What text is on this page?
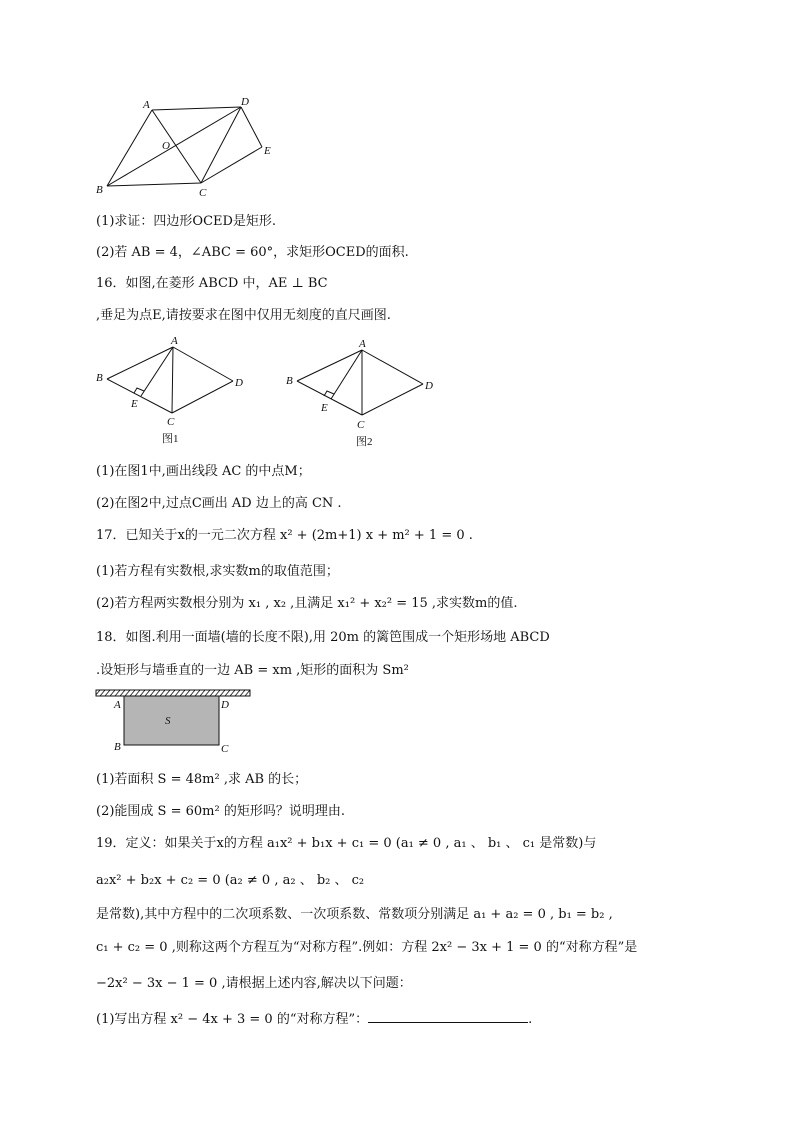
A	D
O	E
B	C
(1)求证：四边形OCED是矩形.
(2)若 AB = 4，∠ABC = 60°，求矩形OCED的面积.
16．如图,在菱形 ABCD 中，AE ⊥ BC
,垂足为点E,请按要求在图中仅用无刻度的直尺画图.
A
B
E
C
D
图1
A
B
E
C
D
图2
(1)在图1中,画出线段 AC 的中点M；
(2)在图2中,过点C画出 AD 边上的高 CN .
17．已知关于x的一元二次方程 x² + (2m+1) x + m² + 1 = 0 .
(1)若方程有实数根,求实数m的取值范围；
(2)若方程两实数根分别为 x₁ , x₂ ,且满足 x₁² + x₂² = 15 ,求实数m的值.
18．如图.利用一面墙(墙的长度不限),用 20m 的篱笆围成一个矩形场地 ABCD
.设矩形与墙垂直的一边 AB = xm ,矩形的面积为 Sm²
A	D
S
B	C
(1)若面积 S = 48m² ,求 AB 的长；
(2)能围成 S = 60m² 的矩形吗？说明理由.
19．定义：如果关于x的方程 a₁x² + b₁x + c₁ = 0 (a₁ ≠ 0 , a₁ 、 b₁ 、 c₁ 是常数)与
a₂x² + b₂x + c₂ = 0 (a₂ ≠ 0 , a₂ 、 b₂ 、 c₂
是常数),其中方程中的二次项系数、一次项系数、常数项分别满足 a₁ + a₂ = 0 , b₁ = b₂ ,
c₁ + c₂ = 0 ,则称这两个方程互为“对称方程”.例如：方程 2x² − 3x + 1 = 0 的“对称方程”是
−2x² − 3x − 1 = 0 ,请根据上述内容,解决以下问题：
(1)写出方程 x² − 4x + 3 = 0 的“对称方程”：	.
